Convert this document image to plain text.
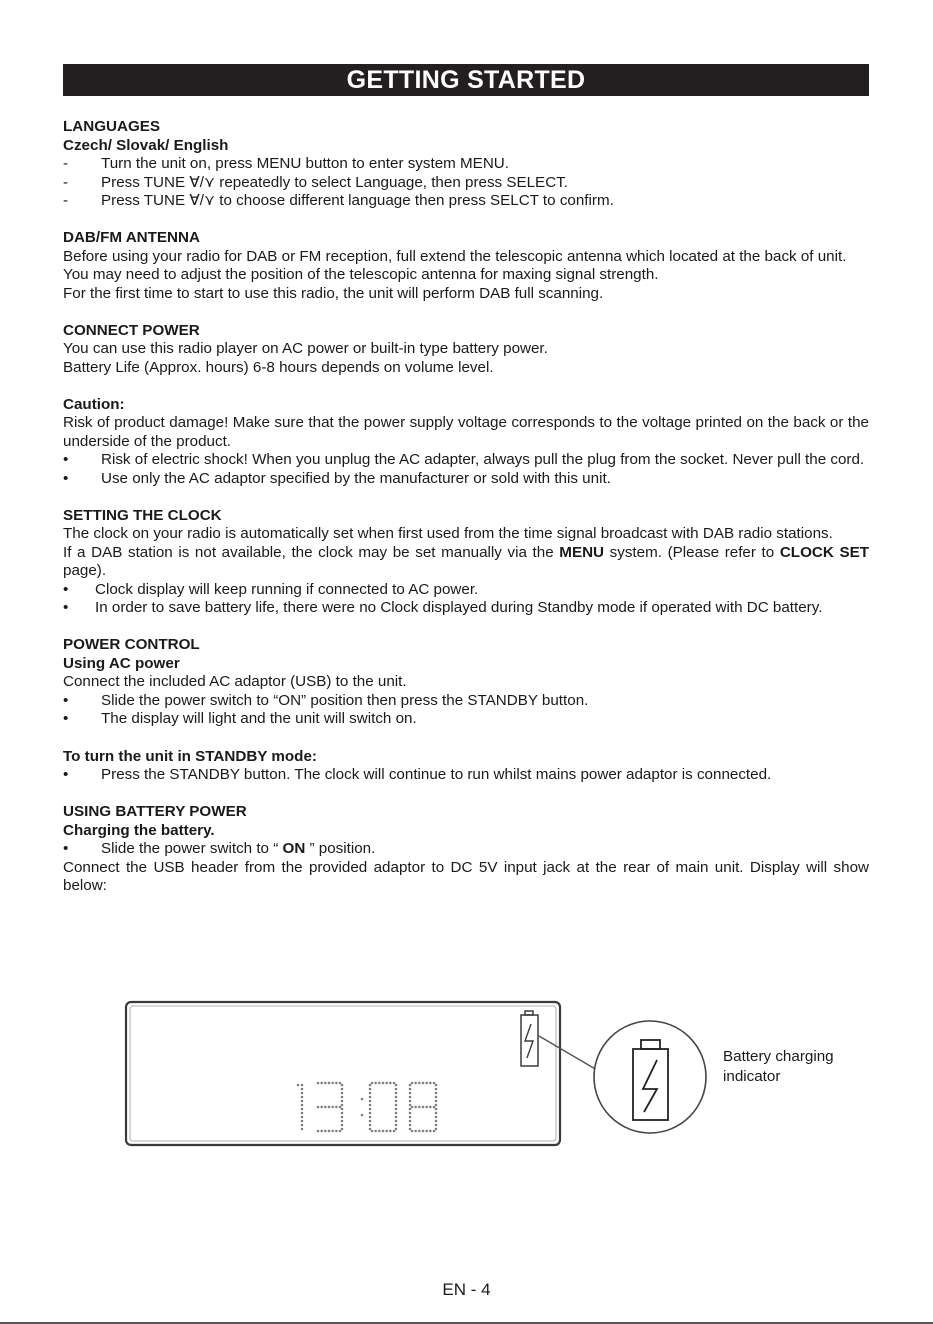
GETTING STARTED

LANGUAGES

Czech/ Slovak/ English

- Turn the unit on, press MENU button to enter system MENU.

- Press TUNE Ɐ/⋎ repeatedly to select Language, then press SELECT.

- Press TUNE Ɐ/⋎ to choose different language then press SELCT to confirm.

DAB/FM ANTENNA

Before using your radio for DAB or FM reception, full extend the telescopic antenna which located at the back of unit.

You may need to adjust the position of the telescopic antenna for maxing signal strength.

For the first time to start to use this radio, the unit will perform DAB full scanning.

CONNECT POWER

You can use this radio player on AC power or built-in type battery power.

Battery Life (Approx. hours) 6-8 hours depends on volume level.

Caution:

Risk of product damage! Make sure that the power supply voltage corresponds to the voltage printed on the back or the underside of the product.

• Risk of electric shock! When you unplug the AC adapter, always pull the plug from the socket. Never pull the cord.

• Use only the AC adaptor specified by the manufacturer or sold with this unit.

SETTING THE CLOCK

The clock on your radio is automatically set when first used from the time signal broadcast with DAB radio stations.

If a DAB station is not available, the clock may be set manually via the MENU system. (Please refer to CLOCK SET page).

• Clock display will keep running if connected to AC power.

• In order to save battery life, there were no Clock displayed during Standby mode if operated with DC battery.

POWER CONTROL

Using AC power

Connect the included AC adaptor (USB) to the unit.

• Slide the power switch to “ON” position then press the STANDBY button.

• The display will light and the unit will switch on.

To turn the unit in STANDBY mode:

• Press the STANDBY button. The clock will continue to run whilst mains power adaptor is connected.

USING BATTERY POWER

Charging the battery.

• Slide the power switch to “ ON ” position.

Connect the USB header from the provided adaptor to DC 5V input jack at the rear of main unit. Display will show below:

Battery charging indicator
EN - 4
